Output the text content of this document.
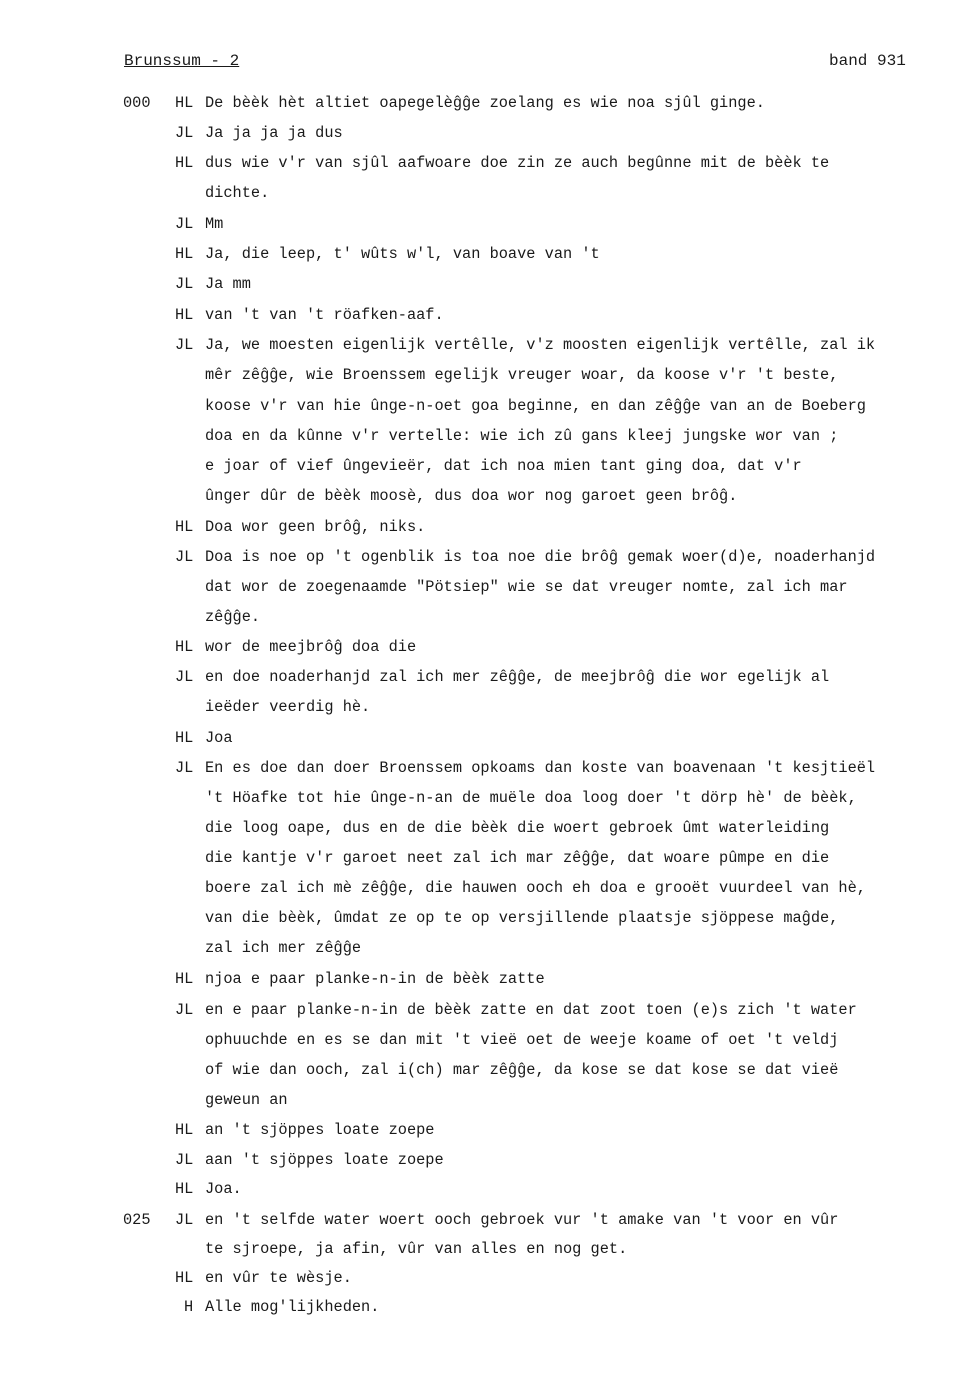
Brunssum - 2	band 931
000 HL De bèèk hèt altiet oapegelèĝĝe zoelang es wie noa sjûl ginge.
JL Ja ja ja ja dus
HL dus wie v'r van sjûl aafwoare doe zin ze auch begûnne mit de bèèk te
dichte.
JL Mm
HL Ja, die leep, t' wûts w'l, van boave van 't
JL Ja mm
HL van 't van 't röafken-aaf.
JL Ja, we moesten eigenlijk vertêlle, v'z moosten eigenlijk vertêlle, zal ik
mêr zêĝĝe, wie Broenssem egelijk vreuger woar, da koose v'r 't beste,
koose v'r van hie ûnge-n-oet goa beginne, en dan zêĝĝe van an de Boeberg
doa en da kûnne v'r vertelle: wie ich zû gans kleej jungske wor van ;
e joar of vief ûngevieër, dat ich noa mien tant ging doa, dat v'r
ûnger dûr de bèèk moosè, dus doa wor nog garoet geen brôĝ.
HL Doa wor geen brôĝ, niks.
JL Doa is noe op 't ogenblik is toa noe die brôĝ gemak woer(d)e, noaderhanjd
dat wor de zoegenaamde "Pötsiep" wie se dat vreuger nomte, zal ich mar
zêĝĝe.
HL wor de meejbrôĝ doa die
JL en doe noaderhanjd zal ich mer zêĝĝe, de meejbrôĝ die wor egelijk al
ieëder veerdig hè.
HL Joa
JL En es doe dan doer Broenssem opkoams dan koste van boavenaan 't kesjtieël
't Höafke tot hie ûnge-n-an de muële doa loog doer 't dörp hè' de bèèk,
die loog oape, dus en de die bèèk die woert gebroek ûmt waterleiding
die kantje v'r garoet neet zal ich mar zêĝĝe, dat woare pûmpe en die
boere zal ich mè zêĝĝe, die hauwen ooch eh doa e grooët vuurdeel van hè,
van die bèèk, ûmdat ze op te op versjillende plaatsje sjöppese maĝde,
zal ich mer zêĝĝe
HL njoa e paar planke-n-in de bèèk zatte
JL en e paar planke-n-in de bèèk zatte en dat zoot toen (e)s zich 't water
ophuuchde en es se dan mit 't vieë oet de weeje koame of oet 't veldj
of wie dan ooch, zal i(ch) mar zêĝĝe, da kose se dat kose se dat vieë
geweun an
HL an 't sjöppes loate zoepe
JL aan 't sjöppes loate zoepe
HL Joa.
025 JL en 't selfde water woert ooch gebroek vur 't amake van 't voor en vûr
te sjroepe, ja afin, vûr van alles en nog get.
HL en vûr te wèsje.
H Alle mog'lijkheden.
